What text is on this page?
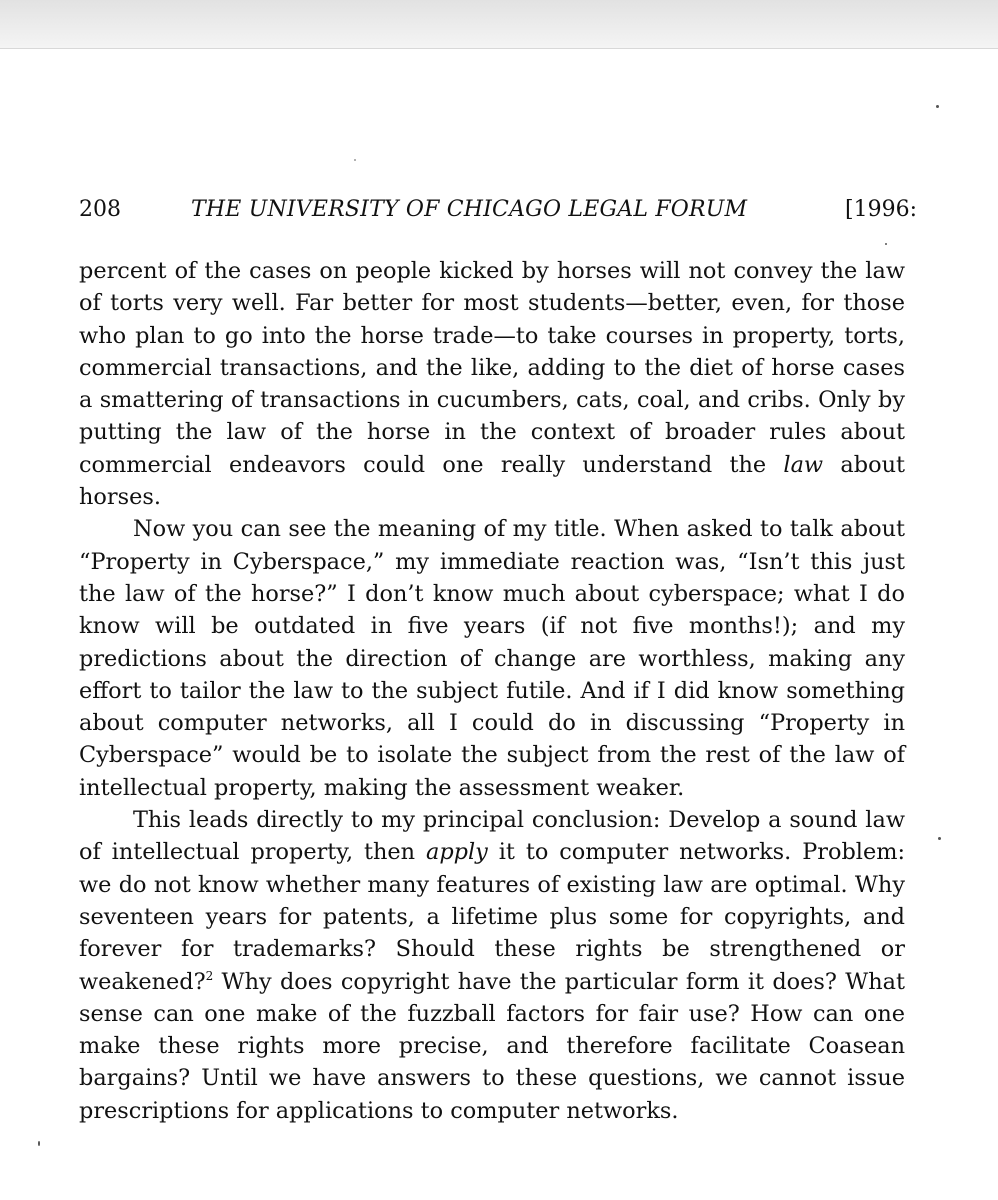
208	THE UNIVERSITY OF CHICAGO LEGAL FORUM	[1996:

percent of the cases on people kicked by horses will not convey the law of torts very well. Far better for most students—better, even, for those who plan to go into the horse trade—to take courses in property, torts, commercial transactions, and the like, adding to the diet of horse cases a smattering of transactions in cucumbers, cats, coal, and cribs. Only by putting the law of the horse in the context of broader rules about commercial endeavors could one really understand the law about horses.

Now you can see the meaning of my title. When asked to talk about “Property in Cyberspace,” my immediate reaction was, “Isn’t this just the law of the horse?” I don’t know much about cyberspace; what I do know will be outdated in five years (if not five months!); and my predictions about the direction of change are worthless, making any effort to tailor the law to the subject futile. And if I did know something about computer networks, all I could do in discussing “Property in Cyberspace” would be to isolate the subject from the rest of the law of intellectual property, making the assessment weaker.

This leads directly to my principal conclusion: Develop a sound law of intellectual property, then apply it to computer networks. Problem: we do not know whether many features of existing law are optimal. Why seventeen years for patents, a lifetime plus some for copyrights, and forever for trademarks? Should these rights be strengthened or weakened?$^2$ Why does copyright have the particular form it does? What sense can one make of the fuzzball factors for fair use? How can one make these rights more precise, and therefore facilitate Coasean bargains? Until we have answers to these questions, we cannot issue prescriptions for applications to computer networks.
